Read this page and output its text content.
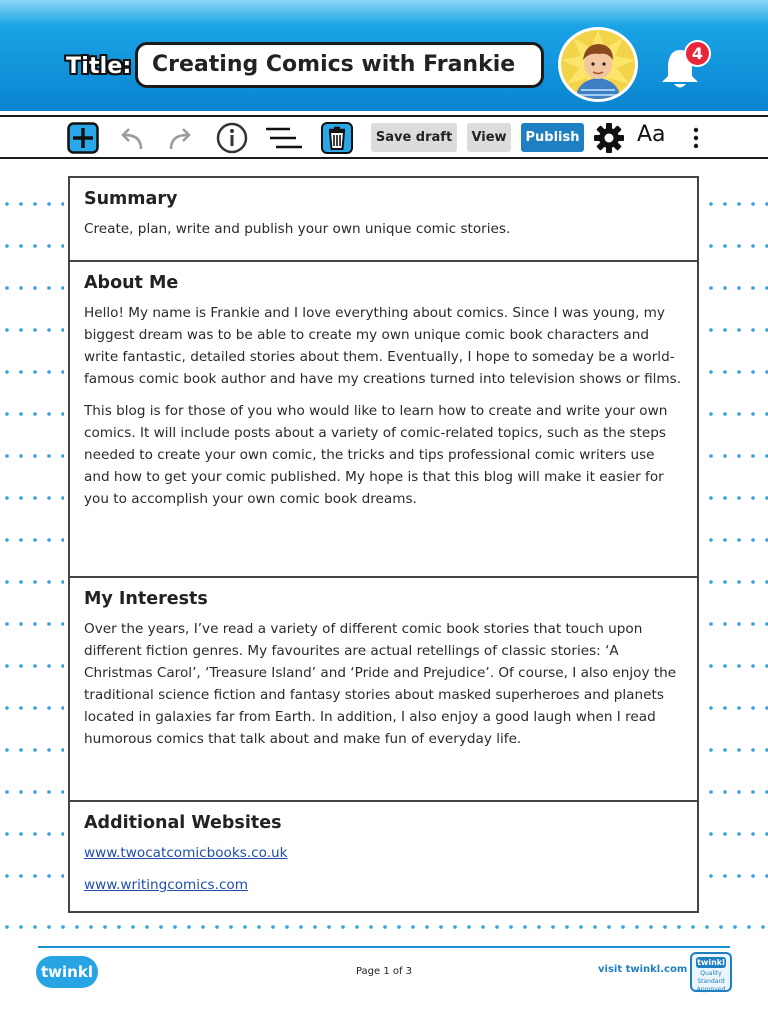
Title: Creating Comics with Frankie	4
Save draft	View	Publish	Aa
Summary

Create, plan, write and publish your own unique comic stories.

About Me

Hello! My name is Frankie and I love everything about comics. Since I was young, my biggest dream was to be able to create my own unique comic book characters and write fantastic, detailed stories about them. Eventually, I hope to someday be a world-famous comic book author and have my creations turned into television shows or films.

This blog is for those of you who would like to learn how to create and write your own comics. It will include posts about a variety of comic-related topics, such as the steps needed to create your own comic, the tricks and tips professional comic writers use and how to get your comic published. My hope is that this blog will make it easier for you to accomplish your own comic book dreams.

My Interests

Over the years, I’ve read a variety of different comic book stories that touch upon different fiction genres. My favourites are actual retellings of classic stories: ‘A Christmas Carol’, ‘Treasure Island’ and ‘Pride and Prejudice’. Of course, I also enjoy the traditional science fiction and fantasy stories about masked superheroes and planets located in galaxies far from Earth. In addition, I also enjoy a good laugh when I read humorous comics that talk about and make fun of everyday life.

Additional Websites
www.twocatcomicbooks.co.uk
www.writingcomics.com
twinkl	Page 1 of 3	visit twinkl.com
twinkl
Quality Standard Approved
